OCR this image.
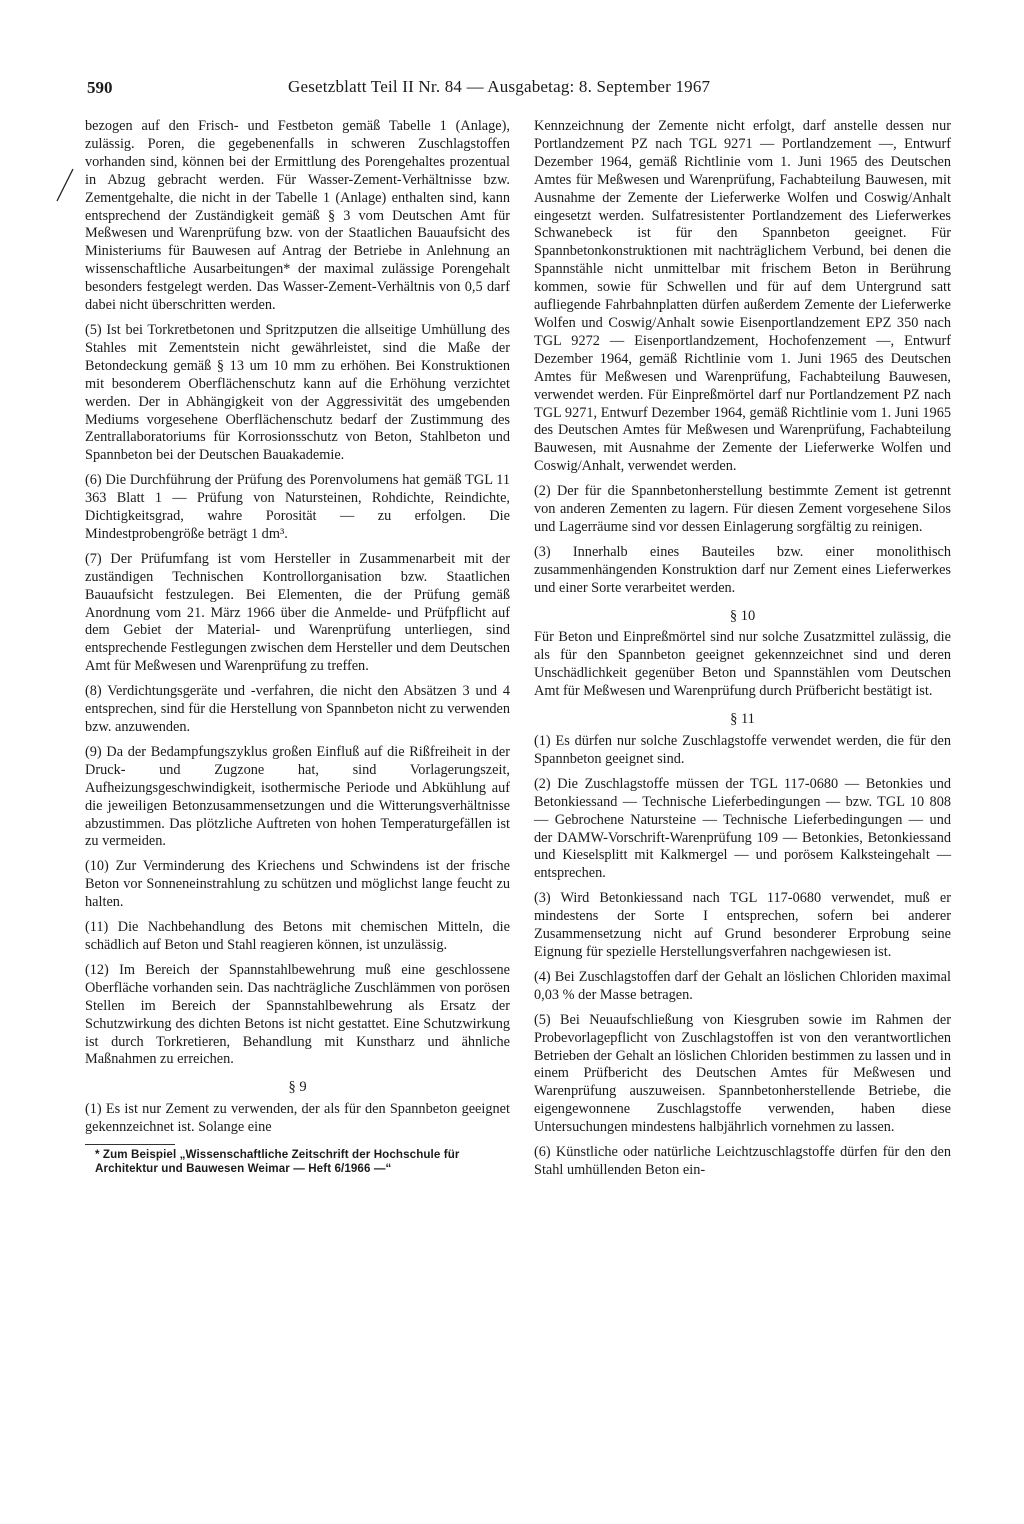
590	Gesetzblatt Teil II Nr. 84 — Ausgabetag: 8. September 1967

bezogen auf den Frisch- und Festbeton gemäß Tabelle 1 (Anlage), zulässig. Poren, die gegebenenfalls in schweren Zuschlagstoffen vorhanden sind, können bei der Ermittlung des Porengehaltes prozentual in Abzug gebracht werden. Für Wasser-Zement-Verhältnisse bzw. Zementgehalte, die nicht in der Tabelle 1 (Anlage) enthalten sind, kann entsprechend der Zuständigkeit gemäß § 3 vom Deutschen Amt für Meßwesen und Warenprüfung bzw. von der Staatlichen Bauaufsicht des Ministeriums für Bauwesen auf Antrag der Betriebe in Anlehnung an wissenschaftliche Ausarbeitungen* der maximal zulässige Porengehalt besonders festgelegt werden. Das Wasser-Zement-Verhältnis von 0,5 darf dabei nicht überschritten werden.

(5) Ist bei Torkretbetonen und Spritzputzen die allseitige Umhüllung des Stahles mit Zementstein nicht gewährleistet, sind die Maße der Betondeckung gemäß § 13 um 10 mm zu erhöhen. Bei Konstruktionen mit besonderem Oberflächenschutz kann auf die Erhöhung verzichtet werden. Der in Abhängigkeit von der Aggressivität des umgebenden Mediums vorgesehene Oberflächenschutz bedarf der Zustimmung des Zentrallaboratoriums für Korrosionsschutz von Beton, Stahlbeton und Spannbeton bei der Deutschen Bauakademie.

(6) Die Durchführung der Prüfung des Porenvolumens hat gemäß TGL 11 363 Blatt 1 — Prüfung von Natursteinen, Rohdichte, Reindichte, Dichtigkeitsgrad, wahre Porosität — zu erfolgen. Die Mindestprobengröße beträgt 1 dm³.

(7) Der Prüfumfang ist vom Hersteller in Zusammenarbeit mit der zuständigen Technischen Kontrollorganisation bzw. Staatlichen Bauaufsicht festzulegen. Bei Elementen, die der Prüfung gemäß Anordnung vom 21. März 1966 über die Anmelde- und Prüfpflicht auf dem Gebiet der Material- und Warenprüfung unterliegen, sind entsprechende Festlegungen zwischen dem Hersteller und dem Deutschen Amt für Meßwesen und Warenprüfung zu treffen.

(8) Verdichtungsgeräte und -verfahren, die nicht den Absätzen 3 und 4 entsprechen, sind für die Herstellung von Spannbeton nicht zu verwenden bzw. anzuwenden.

(9) Da der Bedampfungszyklus großen Einfluß auf die Rißfreiheit in der Druck- und Zugzone hat, sind Vorlagerungszeit, Aufheizungsgeschwindigkeit, isothermische Periode und Abkühlung auf die jeweiligen Betonzusammensetzungen und die Witterungsverhältnisse abzustimmen. Das plötzliche Auftreten von hohen Temperaturgefällen ist zu vermeiden.

(10) Zur Verminderung des Kriechens und Schwindens ist der frische Beton vor Sonneneinstrahlung zu schützen und möglichst lange feucht zu halten.

(11) Die Nachbehandlung des Betons mit chemischen Mitteln, die schädlich auf Beton und Stahl reagieren können, ist unzulässig.

(12) Im Bereich der Spannstahlbewehrung muß eine geschlossene Oberfläche vorhanden sein. Das nachträgliche Zuschlämmen von porösen Stellen im Bereich der Spannstahlbewehrung als Ersatz der Schutzwirkung des dichten Betons ist nicht gestattet. Eine Schutzwirkung ist durch Torkretieren, Behandlung mit Kunstharz und ähnliche Maßnahmen zu erreichen.

§ 9

(1) Es ist nur Zement zu verwenden, der als für den Spannbeton geeignet gekennzeichnet ist. Solange eine

* Zum Beispiel „Wissenschaftliche Zeitschrift der Hochschule für Architektur und Bauwesen Weimar — Heft 6/1966 —“

Kennzeichnung der Zemente nicht erfolgt, darf anstelle dessen nur Portlandzement PZ nach TGL 9271 — Portlandzement —, Entwurf Dezember 1964, gemäß Richtlinie vom 1. Juni 1965 des Deutschen Amtes für Meßwesen und Warenprüfung, Fachabteilung Bauwesen, mit Ausnahme der Zemente der Lieferwerke Wolfen und Coswig/Anhalt eingesetzt werden. Sulfatresistenter Portlandzement des Lieferwerkes Schwanebeck ist für den Spannbeton geeignet. Für Spannbetonkonstruktionen mit nachträglichem Verbund, bei denen die Spannstähle nicht unmittelbar mit frischem Beton in Berührung kommen, sowie für Schwellen und für auf dem Untergrund satt aufliegende Fahrbahnplatten dürfen außerdem Zemente der Lieferwerke Wolfen und Coswig/Anhalt sowie Eisenportlandzement EPZ 350 nach TGL 9272 — Eisenportlandzement, Hochofenzement —, Entwurf Dezember 1964, gemäß Richtlinie vom 1. Juni 1965 des Deutschen Amtes für Meßwesen und Warenprüfung, Fachabteilung Bauwesen, verwendet werden. Für Einpreßmörtel darf nur Portlandzement PZ nach TGL 9271, Entwurf Dezember 1964, gemäß Richtlinie vom 1. Juni 1965 des Deutschen Amtes für Meßwesen und Warenprüfung, Fachabteilung Bauwesen, mit Ausnahme der Zemente der Lieferwerke Wolfen und Coswig/Anhalt, verwendet werden.

(2) Der für die Spannbetonherstellung bestimmte Zement ist getrennt von anderen Zementen zu lagern. Für diesen Zement vorgesehene Silos und Lagerräume sind vor dessen Einlagerung sorgfältig zu reinigen.

(3) Innerhalb eines Bauteiles bzw. einer monolithisch zusammenhängenden Konstruktion darf nur Zement eines Lieferwerkes und einer Sorte verarbeitet werden.

§ 10

Für Beton und Einpreßmörtel sind nur solche Zusatzmittel zulässig, die als für den Spannbeton geeignet gekennzeichnet sind und deren Unschädlichkeit gegenüber Beton und Spannstählen vom Deutschen Amt für Meßwesen und Warenprüfung durch Prüfbericht bestätigt ist.

§ 11

(1) Es dürfen nur solche Zuschlagstoffe verwendet werden, die für den Spannbeton geeignet sind.

(2) Die Zuschlagstoffe müssen der TGL 117-0680 — Betonkies und Betonkiessand — Technische Lieferbedingungen — bzw. TGL 10 808 — Gebrochene Natursteine — Technische Lieferbedingungen — und der DAMW-Vorschrift-Warenprüfung 109 — Betonkies, Betonkiessand und Kieselsplitt mit Kalkmergel — und porösem Kalksteingehalt — entsprechen.

(3) Wird Betonkiessand nach TGL 117-0680 verwendet, muß er mindestens der Sorte I entsprechen, sofern bei anderer Zusammensetzung nicht auf Grund besonderer Erprobung seine Eignung für spezielle Herstellungsverfahren nachgewiesen ist.

(4) Bei Zuschlagstoffen darf der Gehalt an löslichen Chloriden maximal 0,03 % der Masse betragen.

(5) Bei Neuaufschließung von Kiesgruben sowie im Rahmen der Probevorlagepflicht von Zuschlagstoffen ist von den verantwortlichen Betrieben der Gehalt an löslichen Chloriden bestimmen zu lassen und in einem Prüfbericht des Deutschen Amtes für Meßwesen und Warenprüfung auszuweisen. Spannbetonherstellende Betriebe, die eigengewonnene Zuschlagstoffe verwenden, haben diese Untersuchungen mindestens halbjährlich vornehmen zu lassen.

(6) Künstliche oder natürliche Leichtzuschlagstoffe dürfen für den den Stahl umhüllenden Beton ein-
